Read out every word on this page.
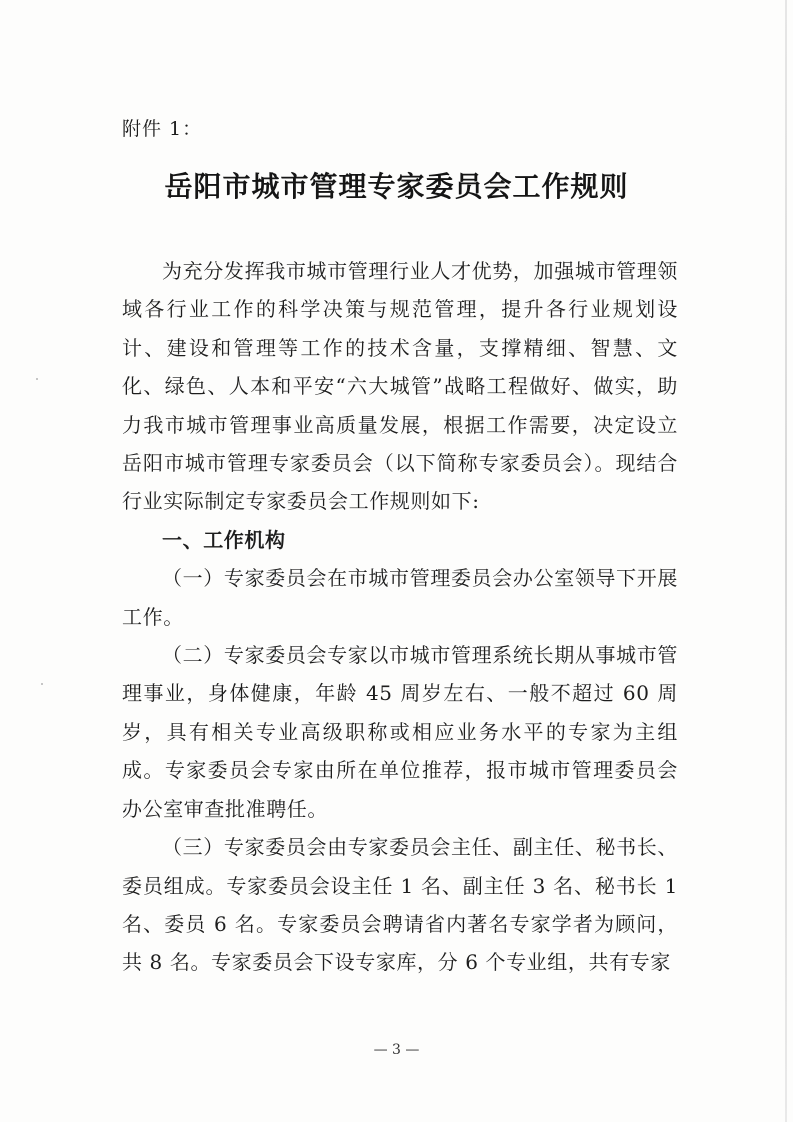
附件 1：
岳阳市城市管理专家委员会工作规则

为充分发挥我市城市管理行业人才优势，加强城市管理领域各行业工作的科学决策与规范管理，提升各行业规划设计、建设和管理等工作的技术含量，支撑精细、智慧、文化、绿色、人本和平安“六大城管”战略工程做好、做实，助力我市城市管理事业高质量发展，根据工作需要，决定设立岳阳市城市管理专家委员会（以下简称专家委员会）。现结合行业实际制定专家委员会工作规则如下:

一、工作机构

（一）专家委员会在市城市管理委员会办公室领导下开展工作。

（二）专家委员会专家以市城市管理系统长期从事城市管理事业，身体健康，年龄 45 周岁左右、一般不超过 60 周岁，具有相关专业高级职称或相应业务水平的专家为主组成。专家委员会专家由所在单位推荐，报市城市管理委员会办公室审查批准聘任。

（三）专家委员会由专家委员会主任、副主任、秘书长、委员组成。专家委员会设主任 1 名、副主任 3 名、秘书长 1 名、委员 6 名。专家委员会聘请省内著名专家学者为顾问，共 8 名。专家委员会下设专家库，分 6 个专业组，共有专家

— 3 —
